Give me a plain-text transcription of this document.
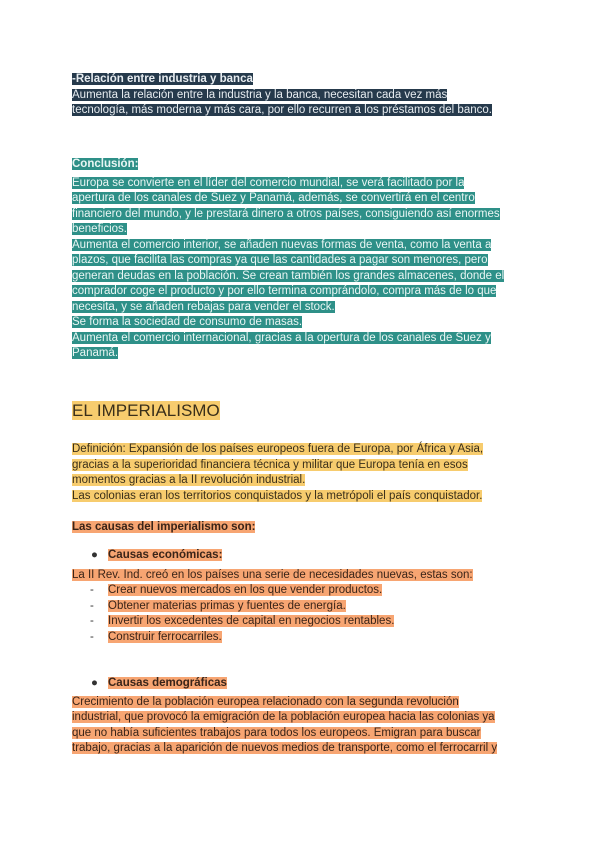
-Relación entre industria y banca
Aumenta la relación entre la industria y la banca, necesitan cada vez más
tecnología, más moderna y más cara, por ello recurren a los préstamos del banco.
Conclusión:
Europa se convierte en el líder del comercio mundial, se verá facilitado por la
apertura de los canales de Suez y Panamá, además, se convertirá en el centro
financiero del mundo, y le prestará dinero a otros países, consiguiendo así enormes
beneficios.
Aumenta el comercio interior, se añaden nuevas formas de venta, como la venta a
plazos, que facilita las compras ya que las cantidades a pagar son menores, pero
generan deudas en la población. Se crean también los grandes almacenes, donde el
comprador coge el producto y por ello termina comprándolo, compra más de lo que
necesita, y se añaden rebajas para vender el stock.
Se forma la sociedad de consumo de masas.
Aumenta el comercio internacional, gracias a la opertura de los canales de Suez y
Panamá.
EL IMPERIALISMO
Definición: Expansión de los países europeos fuera de Europa, por África y Asia,
gracias a la superioridad financiera técnica y militar que Europa tenía en esos
momentos gracias a la II revolución industrial.
Las colonias eran los territorios conquistados y la metrópoli el país conquistador.
Las causas del imperialismo son:
● Causas económicas:
La II Rev. Ind. creó en los países una serie de necesidades nuevas, estas son:
- Crear nuevos mercados en los que vender productos.
- Obtener materias primas y fuentes de energía.
- Invertir los excedentes de capital en negocios rentables.
- Construir ferrocarriles.
● Causas demográficas
Crecimiento de la población europea relacionado con la segunda revolución
industrial, que provocó la emigración de la población europea hacia las colonias ya
que no había suficientes trabajos para todos los europeos. Emigran para buscar
trabajo, gracias a la aparición de nuevos medios de transporte, como el ferrocarril y
